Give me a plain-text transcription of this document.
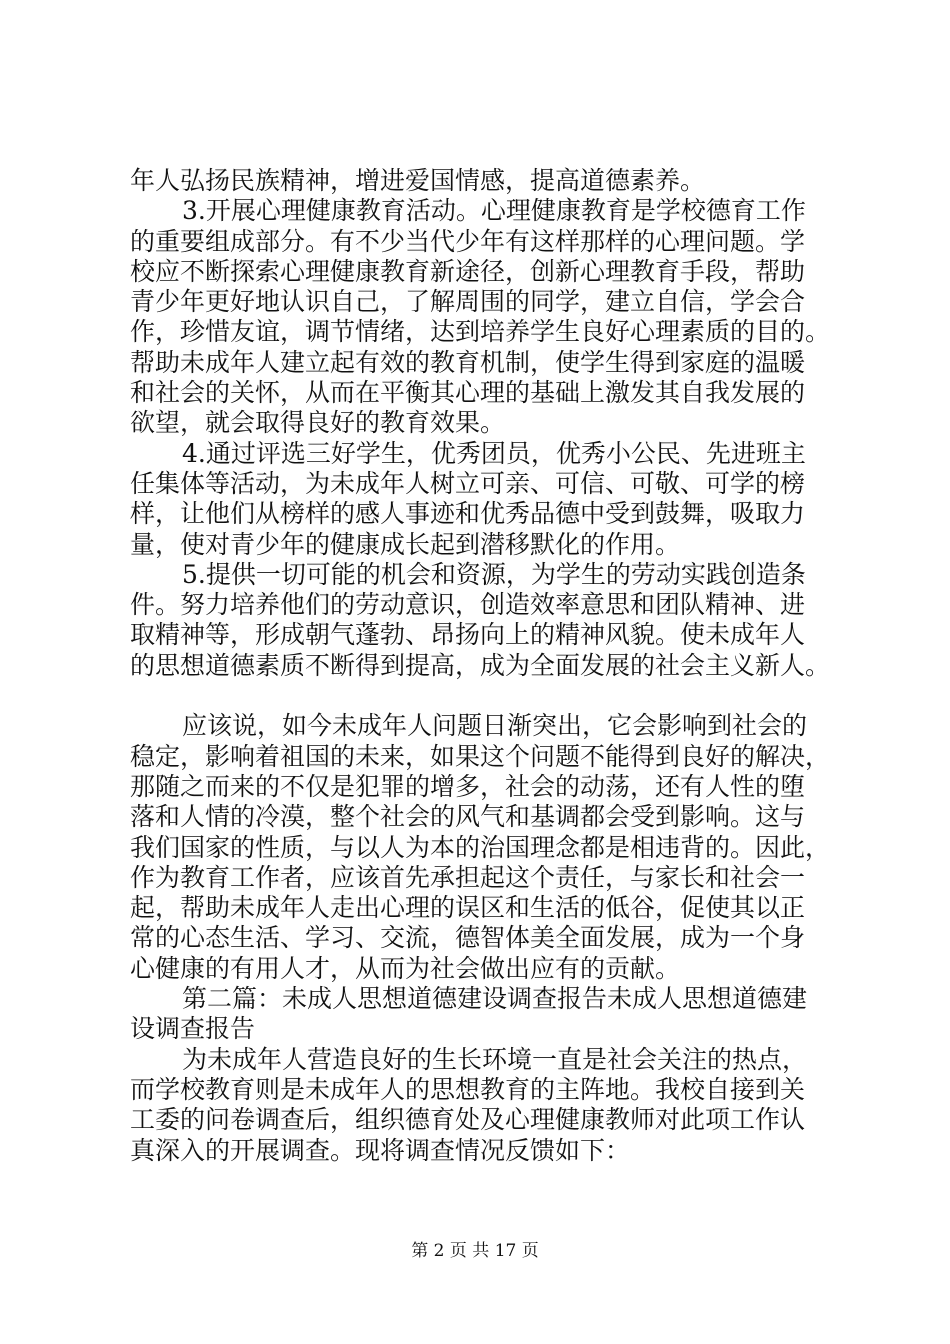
年人弘扬民族精神，增进爱国情感，提高道德素养。
3.开展心理健康教育活动。心理健康教育是学校德育工作
的重要组成部分。有不少当代少年有这样那样的心理问题。学
校应不断探索心理健康教育新途径，创新心理教育手段，帮助
青少年更好地认识自己，了解周围的同学，建立自信，学会合
作，珍惜友谊，调节情绪，达到培养学生良好心理素质的目的。
帮助未成年人建立起有效的教育机制，使学生得到家庭的温暖
和社会的关怀，从而在平衡其心理的基础上激发其自我发展的
欲望，就会取得良好的教育效果。
4.通过评选三好学生，优秀团员，优秀小公民、先进班主
任集体等活动，为未成年人树立可亲、可信、可敬、可学的榜
样，让他们从榜样的感人事迹和优秀品德中受到鼓舞，吸取力
量，使对青少年的健康成长起到潜移默化的作用。
5.提供一切可能的机会和资源，为学生的劳动实践创造条
件。努力培养他们的劳动意识，创造效率意思和团队精神、进
取精神等，形成朝气蓬勃、昂扬向上的精神风貌。使未成年人
的思想道德素质不断得到提高，成为全面发展的社会主义新人。
应该说，如今未成年人问题日渐突出，它会影响到社会的
稳定，影响着祖国的未来，如果这个问题不能得到良好的解决，
那随之而来的不仅是犯罪的增多，社会的动荡，还有人性的堕
落和人情的冷漠，整个社会的风气和基调都会受到影响。这与
我们国家的性质，与以人为本的治国理念都是相违背的。因此，
作为教育工作者，应该首先承担起这个责任，与家长和社会一
起，帮助未成年人走出心理的误区和生活的低谷，促使其以正
常的心态生活、学习、交流，德智体美全面发展，成为一个身
心健康的有用人才，从而为社会做出应有的贡献。
第二篇：未成人思想道德建设调查报告未成人思想道德建
设调查报告
为未成年人营造良好的生长环境一直是社会关注的热点，
而学校教育则是未成年人的思想教育的主阵地。我校自接到关
工委的问卷调查后，组织德育处及心理健康教师对此项工作认
真深入的开展调查。现将调查情况反馈如下：
第 2 页 共 17 页
